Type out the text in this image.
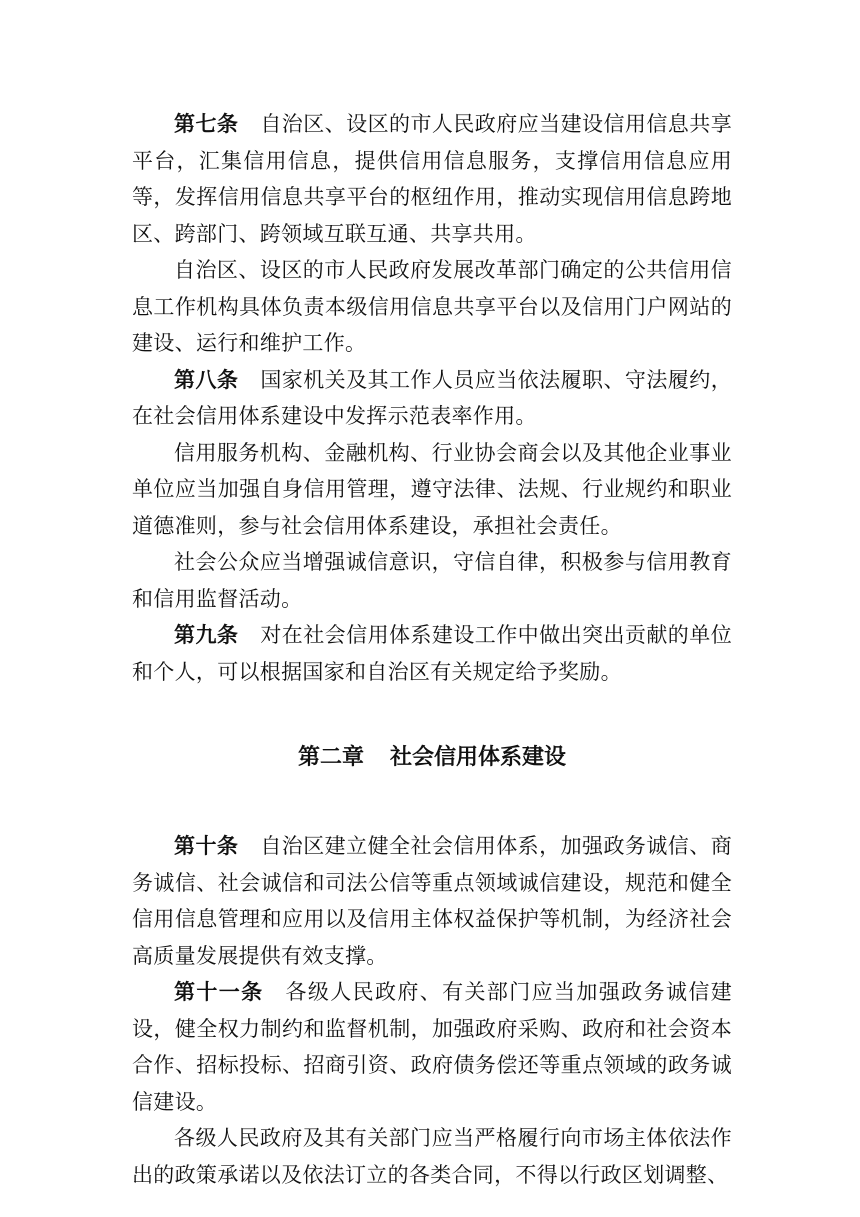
第七条 自治区、设区的市人民政府应当建设信用信息共享平台，汇集信用信息，提供信用信息服务，支撑信用信息应用等，发挥信用信息共享平台的枢纽作用，推动实现信用信息跨地区、跨部门、跨领域互联互通、共享共用。

自治区、设区的市人民政府发展改革部门确定的公共信用信息工作机构具体负责本级信用信息共享平台以及信用门户网站的建设、运行和维护工作。

第八条 国家机关及其工作人员应当依法履职、守法履约，在社会信用体系建设中发挥示范表率作用。

信用服务机构、金融机构、行业协会商会以及其他企业事业单位应当加强自身信用管理，遵守法律、法规、行业规约和职业道德准则，参与社会信用体系建设，承担社会责任。

社会公众应当增强诚信意识，守信自律，积极参与信用教育和信用监督活动。

第九条 对在社会信用体系建设工作中做出突出贡献的单位和个人，可以根据国家和自治区有关规定给予奖励。

第二章 社会信用体系建设

第十条 自治区建立健全社会信用体系，加强政务诚信、商务诚信、社会诚信和司法公信等重点领域诚信建设，规范和健全信用信息管理和应用以及信用主体权益保护等机制，为经济社会高质量发展提供有效支撑。

第十一条 各级人民政府、有关部门应当加强政务诚信建设，健全权力制约和监督机制，加强政府采购、政府和社会资本合作、招标投标、招商引资、政府债务偿还等重点领域的政务诚信建设。

各级人民政府及其有关部门应当严格履行向市场主体依法作出的政策承诺以及依法订立的各类合同，不得以行政区划调整、
